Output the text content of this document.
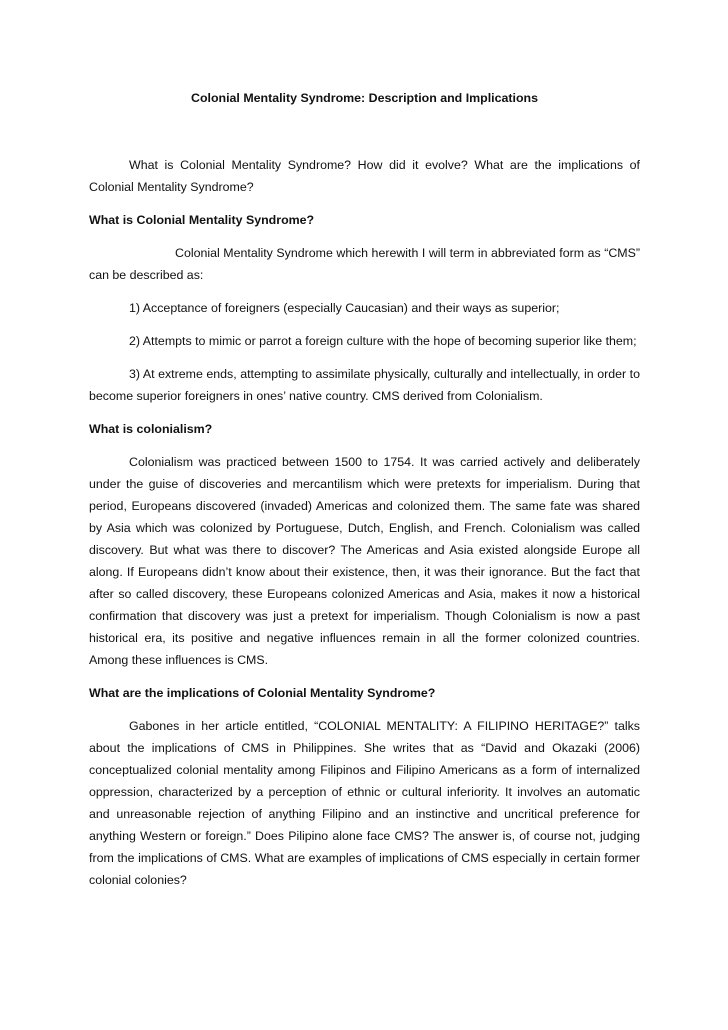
Colonial Mentality Syndrome: Description and Implications

What is Colonial Mentality Syndrome? How did it evolve? What are the implications of Colonial Mentality Syndrome?

What is Colonial Mentality Syndrome?

Colonial Mentality Syndrome which herewith I will term in abbreviated form as “CMS” can be described as:

1) Acceptance of foreigners (especially Caucasian) and their ways as superior;

2) Attempts to mimic or parrot a foreign culture with the hope of becoming superior like them;

3) At extreme ends, attempting to assimilate physically, culturally and intellectually, in order to become superior foreigners in ones’ native country. CMS derived from Colonialism.

What is colonialism?

Colonialism was practiced between 1500 to 1754. It was carried actively and deliberately under the guise of discoveries and mercantilism which were pretexts for imperialism. During that period, Europeans discovered (invaded) Americas and colonized them. The same fate was shared by Asia which was colonized by Portuguese, Dutch, English, and French. Colonialism was called discovery. But what was there to discover? The Americas and Asia existed alongside Europe all along. If Europeans didn’t know about their existence, then, it was their ignorance. But the fact that after so called discovery, these Europeans colonized Americas and Asia, makes it now a historical confirmation that discovery was just a pretext for imperialism. Though Colonialism is now a past historical era, its positive and negative influences remain in all the former colonized countries. Among these influences is CMS.

What are the implications of Colonial Mentality Syndrome?

Gabones in her article entitled, “COLONIAL MENTALITY: A FILIPINO HERITAGE?” talks about the implications of CMS in Philippines. She writes that as “David and Okazaki (2006) conceptualized colonial mentality among Filipinos and Filipino Americans as a form of internalized oppression, characterized by a perception of ethnic or cultural inferiority. It involves an automatic and unreasonable rejection of anything Filipino and an instinctive and uncritical preference for anything Western or foreign.” Does Pilipino alone face CMS? The answer is, of course not, judging from the implications of CMS. What are examples of implications of CMS especially in certain former colonial colonies?
